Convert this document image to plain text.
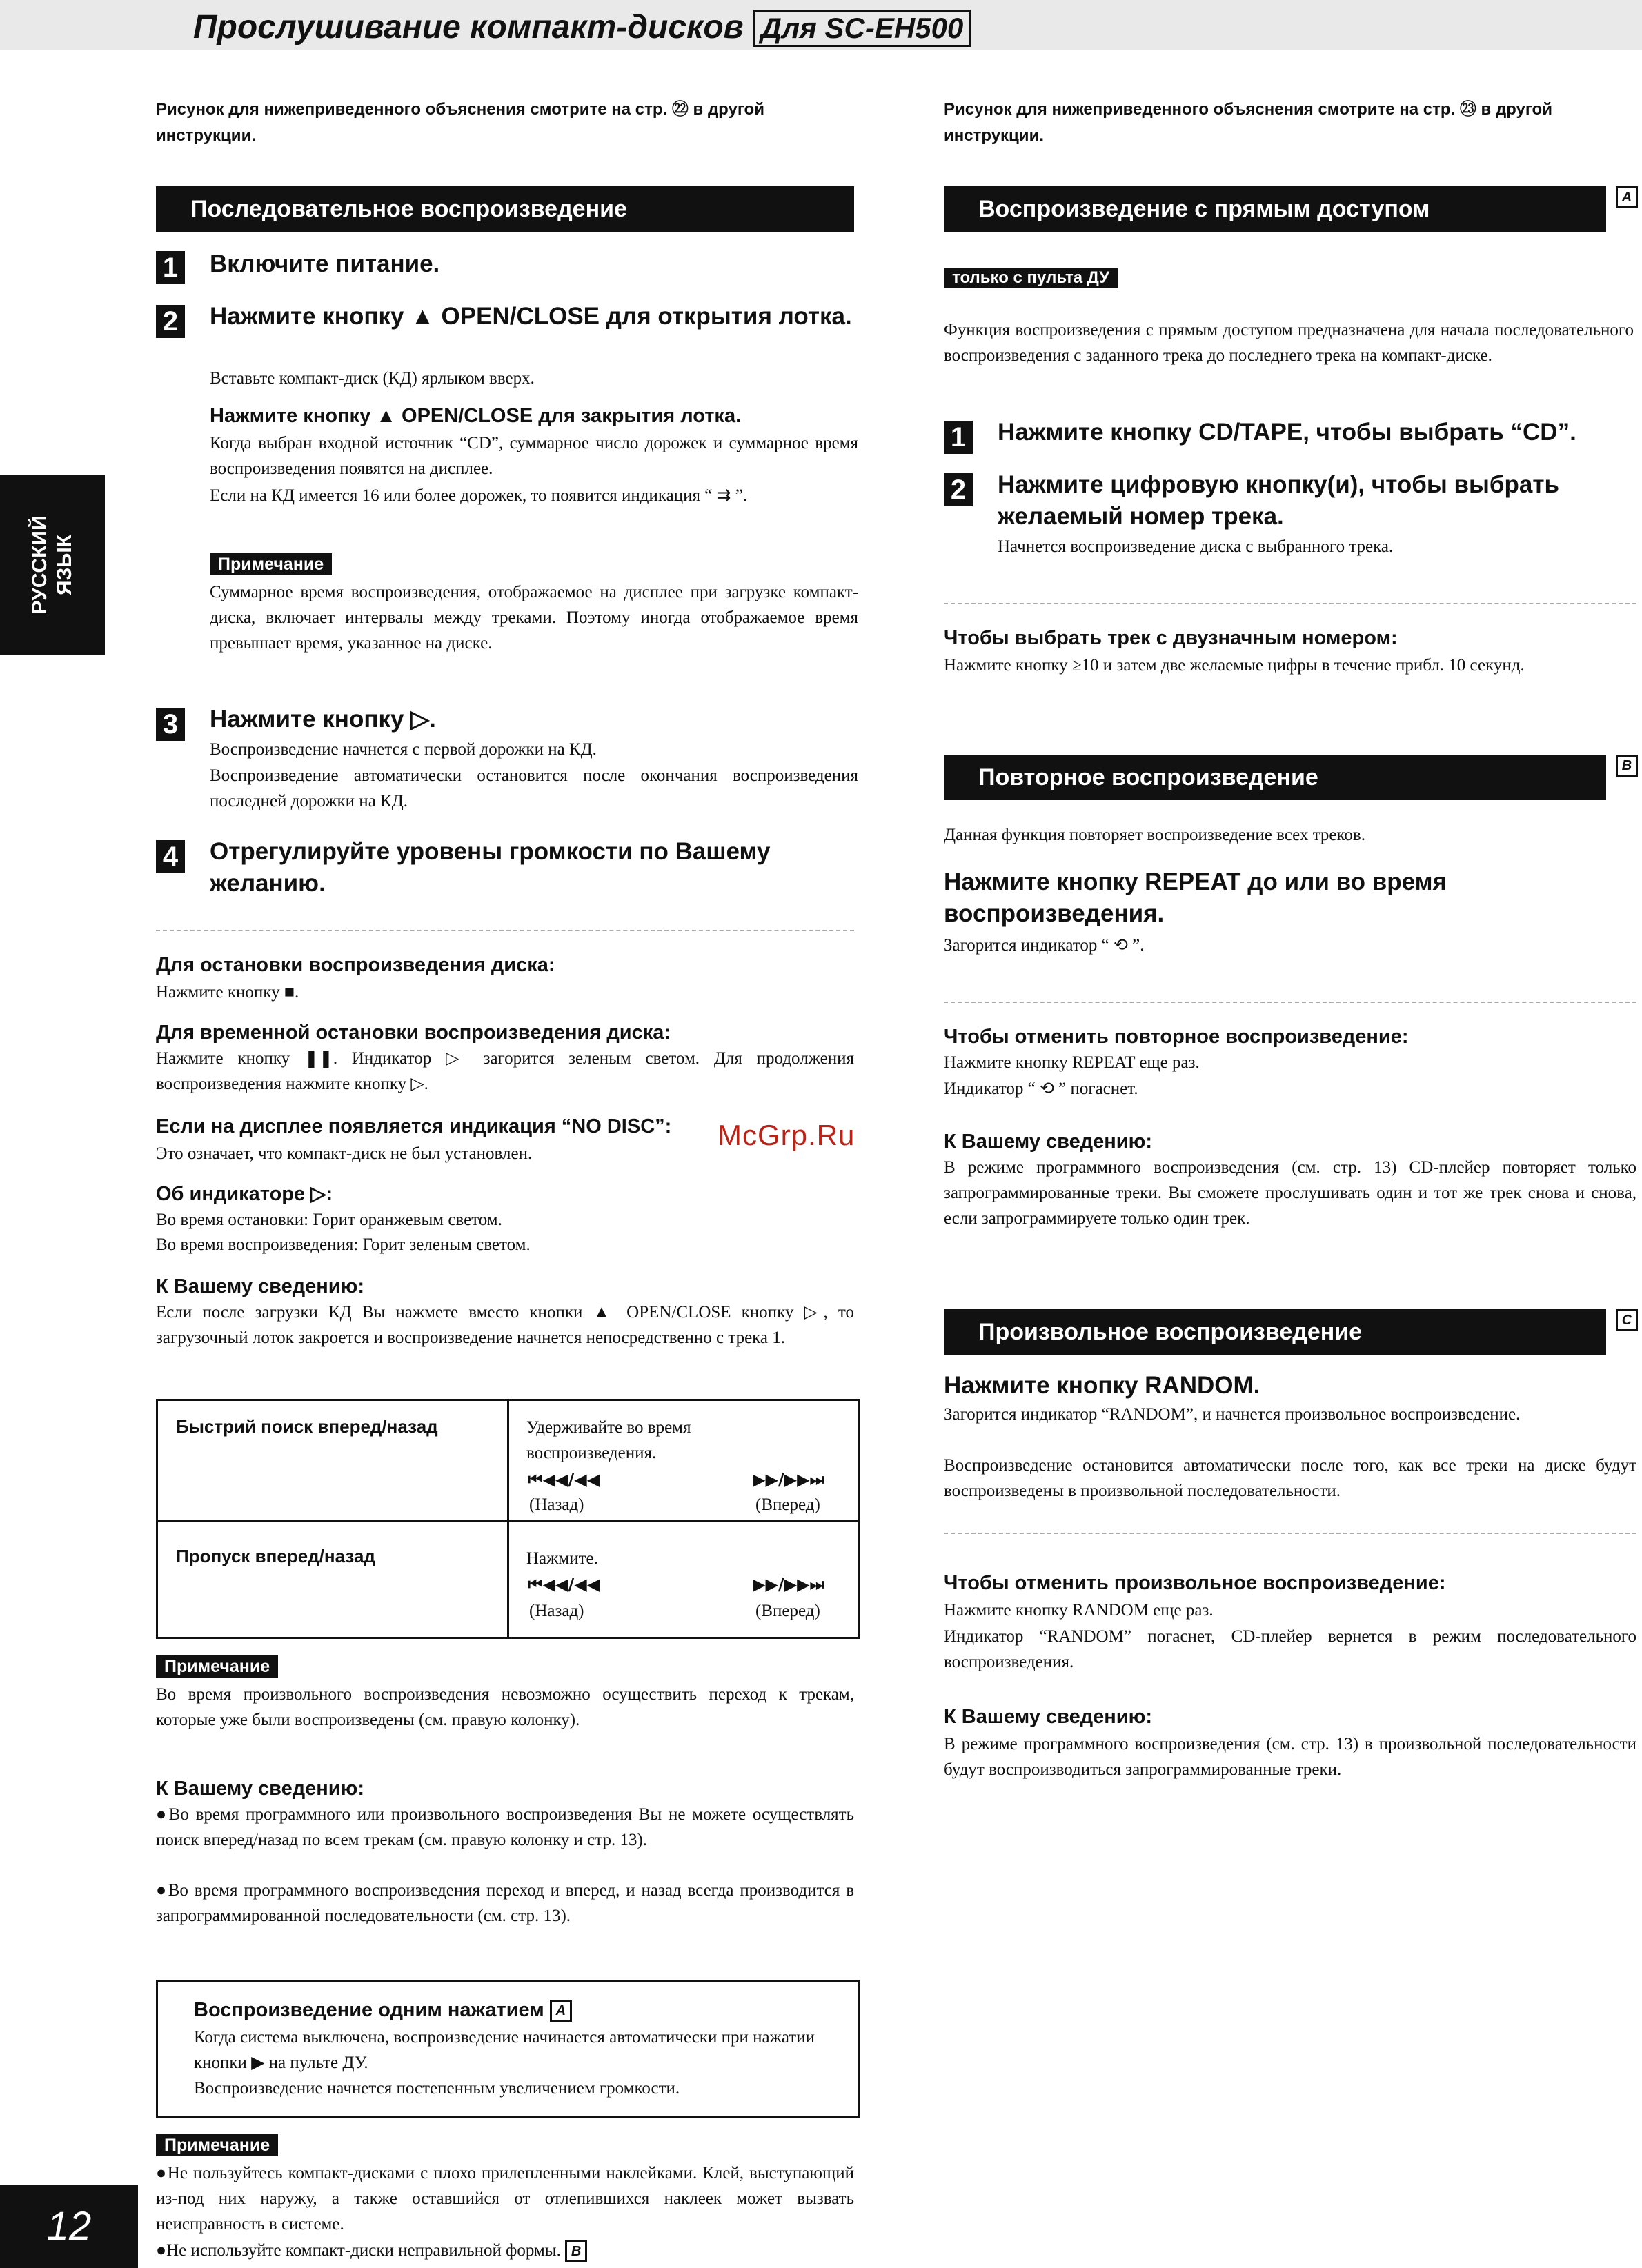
Прослушивание компакт-дисков Для SC-EH500
РУССКИЙ ЯЗЫК
Рисунок для нижеприведенного объяснения смотрите на стр. ㉒ в другой инструкции.
Последовательное воспроизведение
1 Включите питание.
2 Нажмите кнопку ▲ OPEN/CLOSE для открытия лотка.
Вставьте компакт-диск (КД) ярлыком вверх.
Нажмите кнопку ▲ OPEN/CLOSE для закрытия лотка.
Когда выбран входной источник “CD”, суммарное число дорожек и суммарное время воспроизведения появятся на дисплее.
Если на КД имеется 16 или более дорожек, то появится индикация “ ⇉ ”.
Примечание
Суммарное время воспроизведения, отображаемое на дисплее при загрузке компакт-диска, включает интервалы между треками. Поэтому иногда отображаемое время превышает время, указанное на диске.
3 Нажмите кнопку ▷.
Воспроизведение начнется с первой дорожки на КД.
Воспроизведение автоматически остановится после окончания воспроизведения последней дорожки на КД.
4 Отрегулируйте уровены громкости по Вашему желанию.
Для остановки воспроизведения диска:
Нажмите кнопку ■.
Для временной остановки воспроизведения диска:
Нажмите кнопку ❚❚. Индикатор ▷ загорится зеленым светом. Для продолжения воспроизведения нажмите кнопку ▷.
Если на дисплее появляется индикация “NO DISC”:
Это означает, что компакт-диск не был установлен.
Об индикаторе ▷:
Во время остановки: Горит оранжевым светом.
Во время воспроизведения: Горит зеленым светом.
К Вашему сведению:
Если после загрузки КД Вы нажмете вместо кнопки ▲ OPEN/CLOSE кнопку ▷, то загрузочный лоток закроется и воспроизведение начнется непосредственно с трека 1.
Быстрий поиск вперед/назад	Удерживайте во время воспроизведения.
⏮◀◀/◀◀	▶▶/▶▶⏭
(Назад)	(Вперед)
Пропуск вперед/назад	Нажмите.
⏮◀◀/◀◀	▶▶/▶▶⏭
(Назад)	(Вперед)
Примечание
Во время произвольного воспроизведения невозможно осуществить переход к трекам, которые уже были воспроизведены (см. правую колонку).
К Вашему сведению:
●Во время программного или произвольного воспроизведения Вы не можете осуществлять поиск вперед/назад по всем трекам (см. правую колонку и стр. 13).
●Во время программного воспроизведения переход и вперед, и назад всегда производится в запрограммированной последовательности (см. стр. 13).
Воспроизведение одним нажатием A
Когда система выключена, воспроизведение начинается автоматически при нажатии кнопки ▶ на пульте ДУ.
Воспроизведение начнется постепенным увеличением громкости.
Примечание
●Не пользуйтесь компакт-дисками с плохо прилепленными наклейками. Клей, выступающий из-под них наружу, а также оставшийся от отлепившихся наклеек может вызвать неисправность в системе.
●Не используйте компакт-диски неправильной формы. B
McGrp.Ru
12
Рисунок для нижеприведенного объяснения смотрите на стр. ㉓ в другой инструкции.
Воспроизведение с прямым доступом	A
только с пульта ДУ
Функция воспроизведения с прямым доступом предназначена для начала последовательного воспроизведения с заданного трека до последнего трека на компакт-диске.
1 Нажмите кнопку CD/TAPE, чтобы выбрать “CD”.
2 Нажмите цифровую кнопку(и), чтобы выбрать желаемый номер трека.
Начнется воспроизведение диска с выбранного трека.
Чтобы выбрать трек с двузначным номером:
Нажмите кнопку ≥10 и затем две желаемые цифры в течение прибл. 10 секунд.
Повторное воспроизведение	B
Данная функция повторяет воспроизведение всех треков.
Нажмите кнопку REPEAT до или во время воспроизведения.
Загорится индикатор “ ⟲ ”.
Чтобы отменить повторное воспроизведение:
Нажмите кнопку REPEAT еще раз.
Индикатор “ ⟲ ” погаснет.
К Вашему сведению:
В режиме программного воспроизведения (см. стр. 13) CD-плейер повторяет только запрограммированные треки. Вы сможете прослушивать один и тот же трек снова и снова, если запрограммируете только один трек.
Произвольное воспроизведение	C
Нажмите кнопку RANDOM.
Загорится индикатор “RANDOM”, и начнется произвольное воспроизведение.
Воспроизведение остановится автоматически после того, как все треки на диске будут воспроизведены в произвольной последовательности.
Чтобы отменить произвольное воспроизведение:
Нажмите кнопку RANDOM еще раз.
Индикатор “RANDOM” погаснет, CD-плейер вернется в режим последовательного воспроизведения.
К Вашему сведению:
В режиме программного воспроизведения (см. стр. 13) в произвольной последовательности будут воспроизводиться запрограммированные треки.
